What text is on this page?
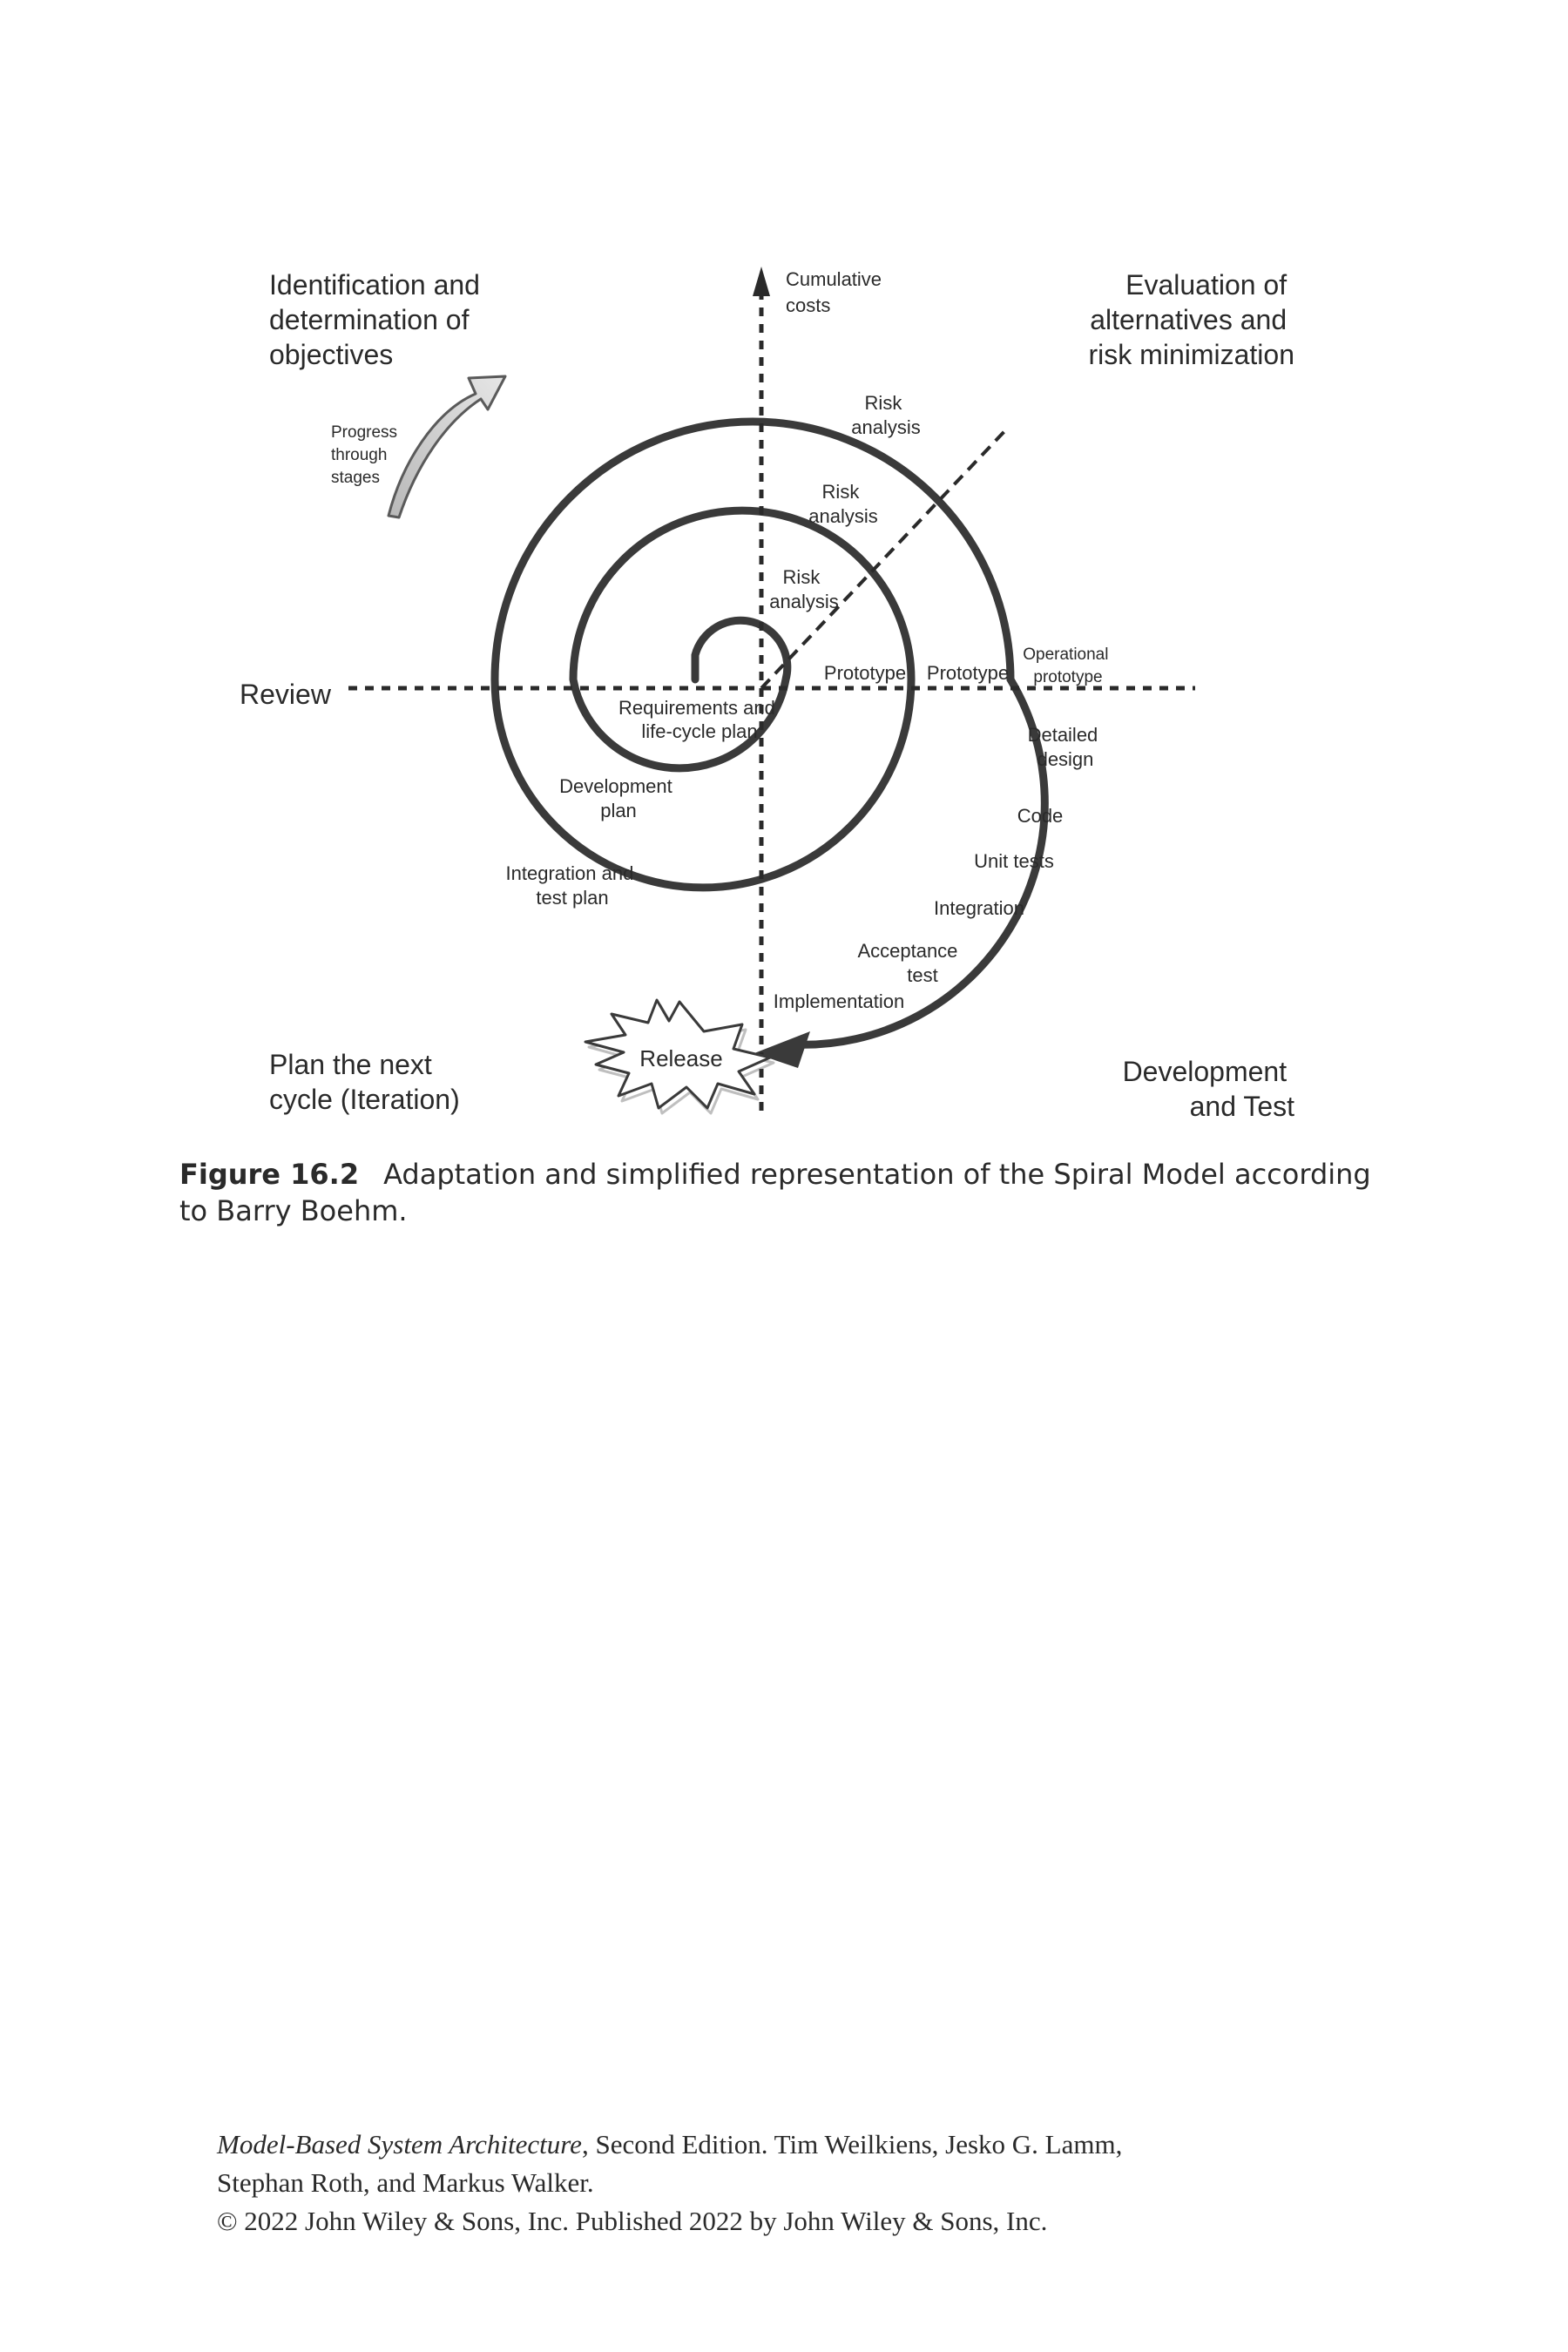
Identification and determination of objectives
Evaluation of alternatives and risk minimization
Plan the next cycle (Iteration)
Development and Test
Cumulative costs
Review
Progress through stages
Risk analysis
Risk analysis
Risk analysis
Prototype Prototype
Operational prototype
Requirements and life-cycle plan
Development plan
Integration and test plan
Detailed design
Code
Unit tests
Integration
Acceptance test
Implementation
Release
Figure 16.2 Adaptation and simplified representation of the Spiral Model according to Barry Boehm.
Model-Based System Architecture, Second Edition. Tim Weilkiens, Jesko G. Lamm,
Stephan Roth, and Markus Walker.
© 2022 John Wiley & Sons, Inc. Published 2022 by John Wiley & Sons, Inc.
